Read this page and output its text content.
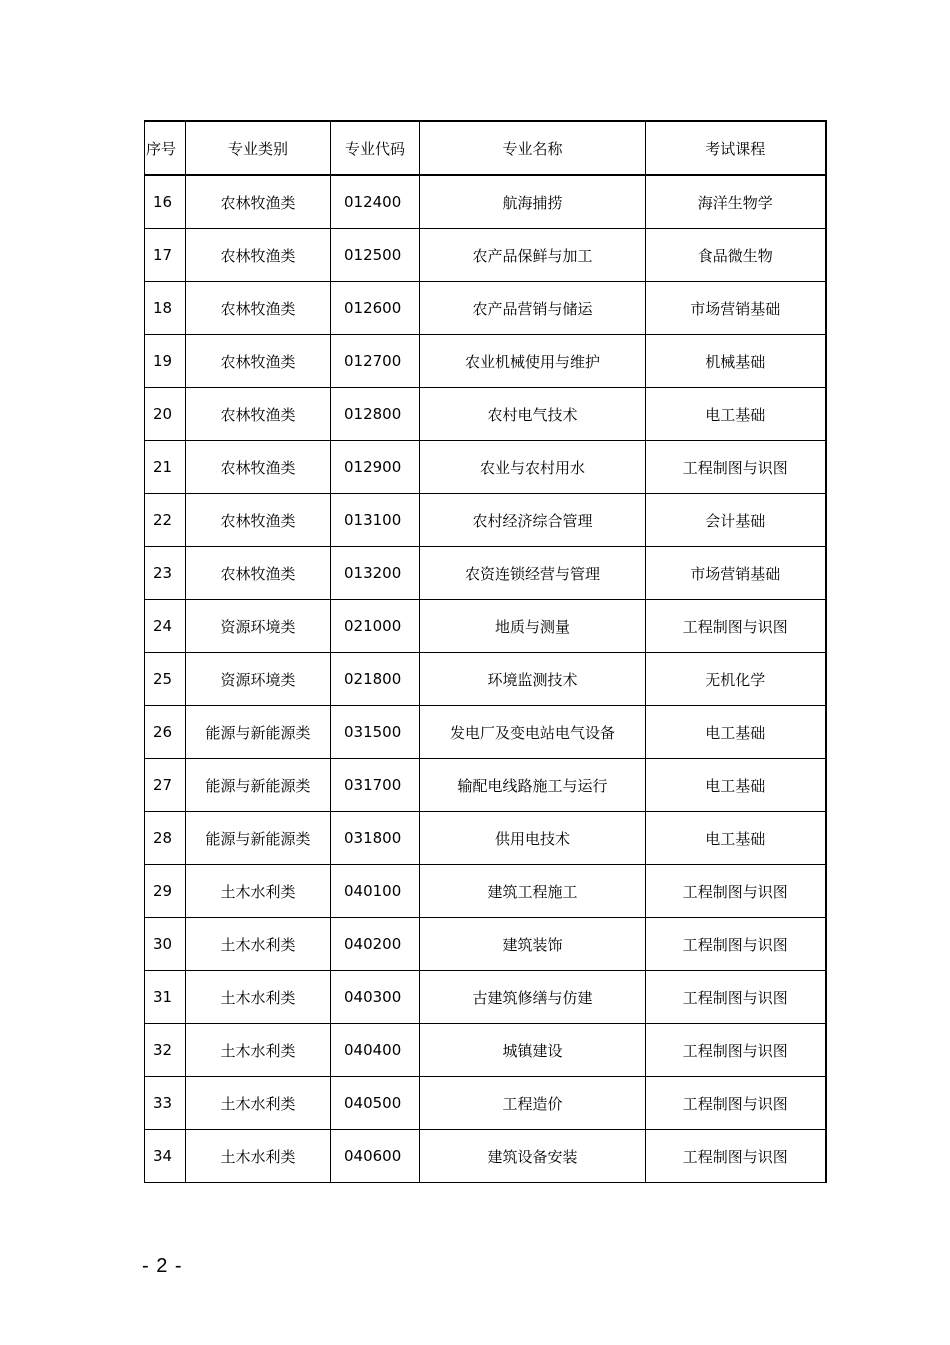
序号	专业类别	专业代码	专业名称	考试课程
16	农林牧渔类	012400	航海捕捞	海洋生物学
17	农林牧渔类	012500	农产品保鲜与加工	食品微生物
18	农林牧渔类	012600	农产品营销与储运	市场营销基础
19	农林牧渔类	012700	农业机械使用与维护	机械基础
20	农林牧渔类	012800	农村电气技术	电工基础
21	农林牧渔类	012900	农业与农村用水	工程制图与识图
22	农林牧渔类	013100	农村经济综合管理	会计基础
23	农林牧渔类	013200	农资连锁经营与管理	市场营销基础
24	资源环境类	021000	地质与测量	工程制图与识图
25	资源环境类	021800	环境监测技术	无机化学
26	能源与新能源类	031500	发电厂及变电站电气设备	电工基础
27	能源与新能源类	031700	输配电线路施工与运行	电工基础
28	能源与新能源类	031800	供用电技术	电工基础
29	土木水利类	040100	建筑工程施工	工程制图与识图
30	土木水利类	040200	建筑装饰	工程制图与识图
31	土木水利类	040300	古建筑修缮与仿建	工程制图与识图
32	土木水利类	040400	城镇建设	工程制图与识图
33	土木水利类	040500	工程造价	工程制图与识图
34	土木水利类	040600	建筑设备安装	工程制图与识图
- 2 -
